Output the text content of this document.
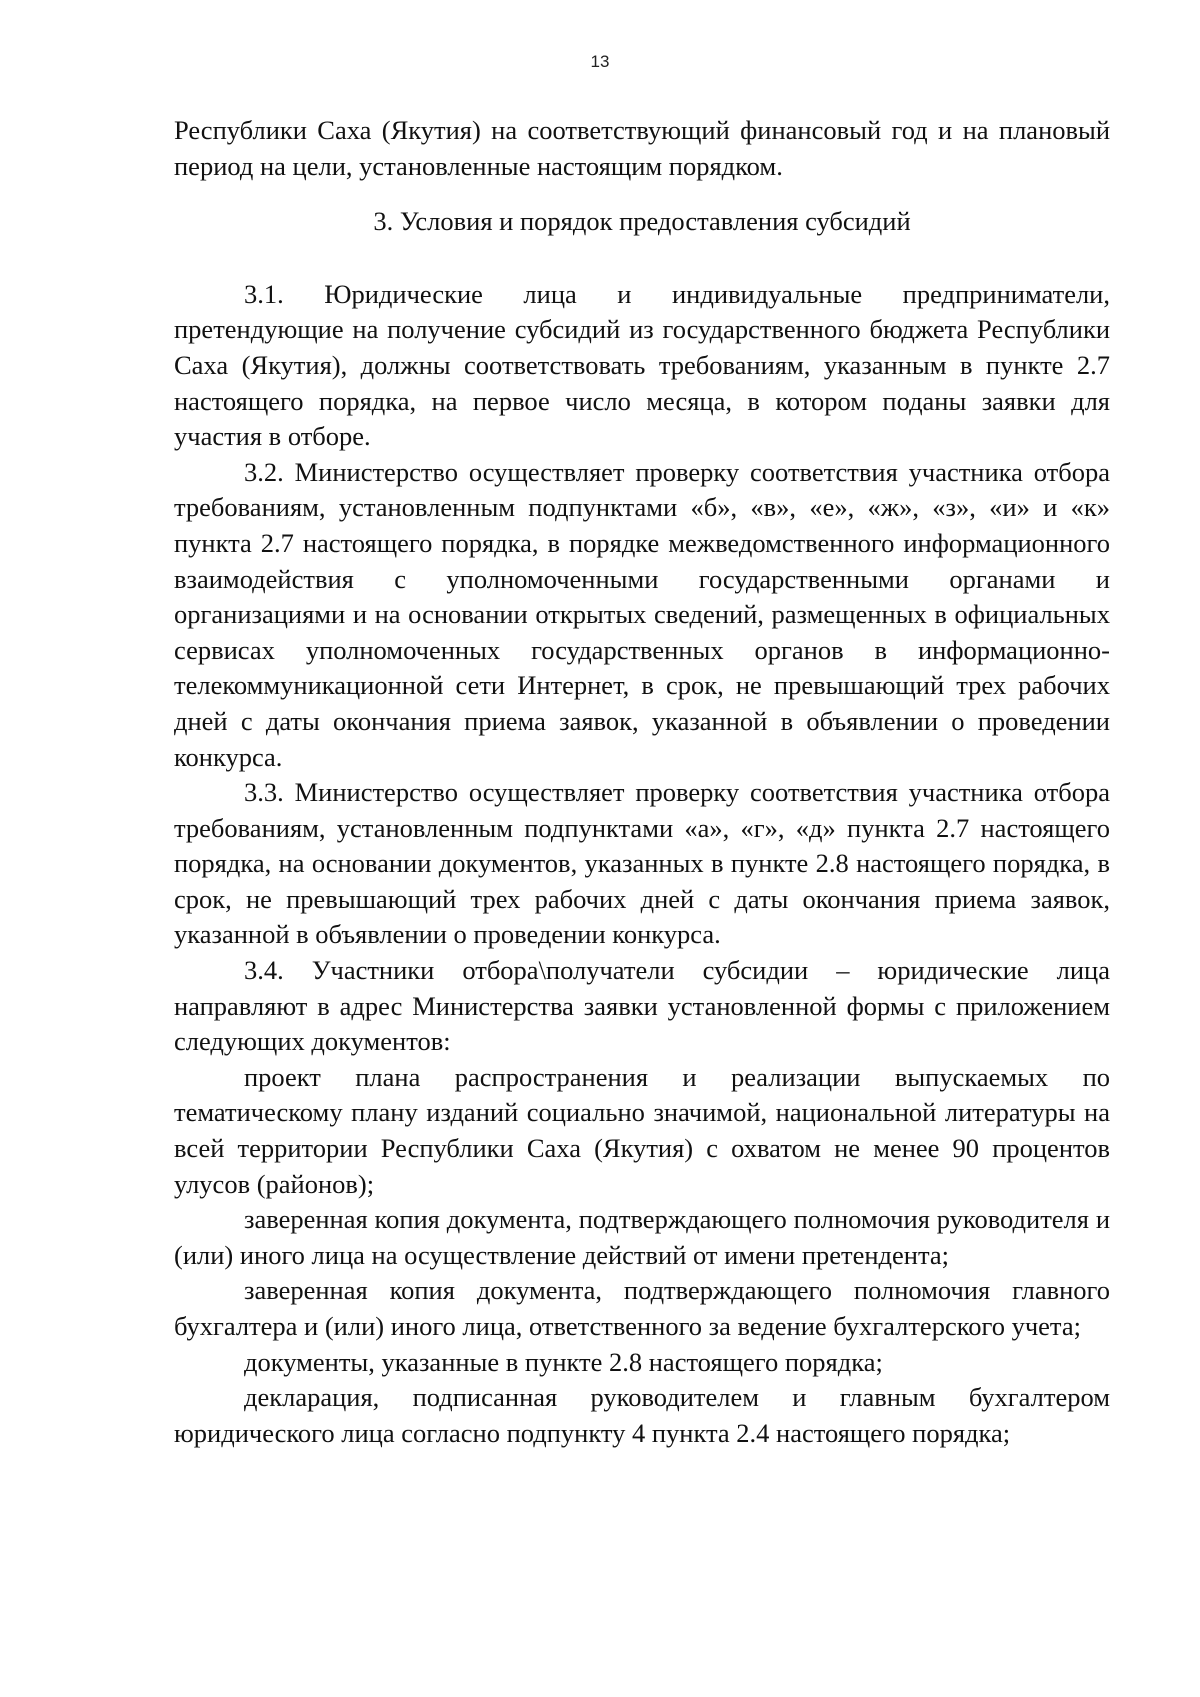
13

Республики Саха (Якутия) на соответствующий финансовый год и на плановый период на цели, установленные настоящим порядком.

3. Условия и порядок предоставления субсидий

3.1. Юридические лица и индивидуальные предприниматели, претендующие на получение субсидий из государственного бюджета Республики Саха (Якутия), должны соответствовать требованиям, указанным в пункте 2.7 настоящего порядка, на первое число месяца, в котором поданы заявки для участия в отборе.

3.2. Министерство осуществляет проверку соответствия участника отбора требованиям, установленным подпунктами «б», «в», «е», «ж», «з», «и» и «к» пункта 2.7 настоящего порядка, в порядке межведомственного информационного взаимодействия с уполномоченными государственными органами и организациями и на основании открытых сведений, размещенных в официальных сервисах уполномоченных государственных органов в информационно-телекоммуникационной сети Интернет, в срок, не превышающий трех рабочих дней с даты окончания приема заявок, указанной в объявлении о проведении конкурса.

3.3. Министерство осуществляет проверку соответствия участника отбора требованиям, установленным подпунктами «а», «г», «д» пункта 2.7 настоящего порядка, на основании документов, указанных в пункте 2.8 настоящего порядка, в срок, не превышающий трех рабочих дней с даты окончания приема заявок, указанной в объявлении о проведении конкурса.

3.4. Участники отбора\получатели субсидии – юридические лица направляют в адрес Министерства заявки установленной формы с приложением следующих документов:

проект плана распространения и реализации выпускаемых по тематическому плану изданий социально значимой, национальной литературы на всей территории Республики Саха (Якутия) с охватом не менее 90 процентов улусов (районов);

заверенная копия документа, подтверждающего полномочия руководителя и (или) иного лица на осуществление действий от имени претендента;

заверенная копия документа, подтверждающего полномочия главного бухгалтера и (или) иного лица, ответственного за ведение бухгалтерского учета;

документы, указанные в пункте 2.8 настоящего порядка;

декларация, подписанная руководителем и главным бухгалтером юридического лица согласно подпункту 4 пункта 2.4 настоящего порядка;
